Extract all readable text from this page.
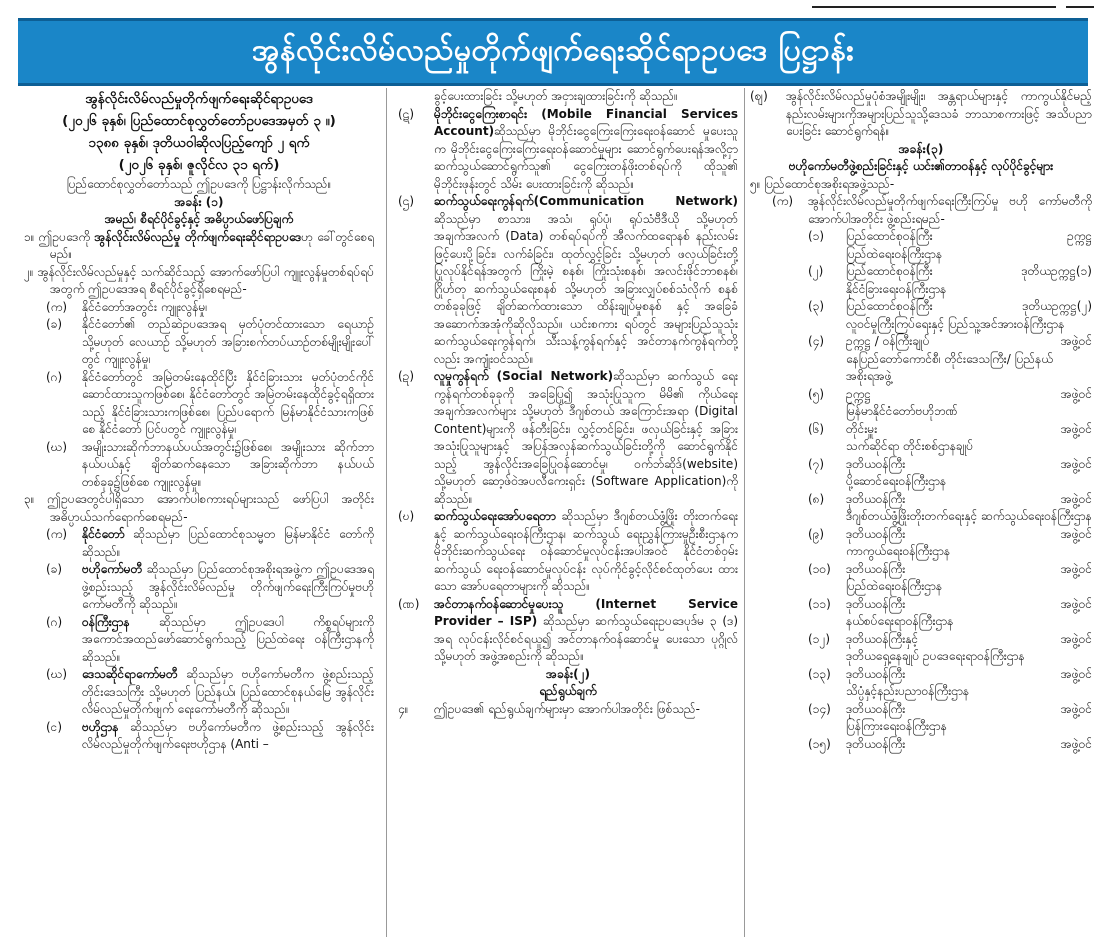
အွန်လိုင်းလိမ်လည်မှုတိုက်ဖျက်ရေးဆိုင်ရာဥပဒေ ပြဋ္ဌာန်း
အွန်လိုင်းလိမ်လည်မှုတိုက်ဖျက်ရေးဆိုင်ရာဥပဒေ
(၂၀၂၆ ခုနှစ်၊ ပြည်ထောင်စုလွှတ်တော်ဥပဒေအမှတ် ၃ ။)
၁၃၈၈ ခုနှစ်၊ ဒုတိယဝါဆိုလပြည့်ကျော် ၂ ရက်
(၂၀၂၆ ခုနှစ်၊ ဇူလိုင်လ ၃၁ ရက်)
ပြည်ထောင်စုလွှတ်တော်သည် ဤဥပဒေကို ပြဋ္ဌာန်းလိုက်သည်။
အခန်း (၁)
အမည်၊ စီရင်ပိုင်ခွင့်နှင့် အဓိပ္ပာယ်ဖော်ပြချက်

၁။ ဤဥပဒေကို အွန်လိုင်းလိမ်လည်မှု တိုက်ဖျက်ရေးဆိုင်ရာဥပဒေဟု ခေါ်တွင်စေရမည်။

၂။ အွန်လိုင်းလိမ်လည်မှုနှင့် သက်ဆိုင်သည့် အောက်ဖော်ပြပါ ကျူးလွန်မှုတစ်ရပ်ရပ်အတွက် ဤဥပဒေအရ စီရင်ပိုင်ခွင့်ရှိစေရမည်-

(က)	နိုင်ငံတော်အတွင်း ကျူးလွန်မှု၊
(ခ)	နိုင်ငံတော်၏ တည်ဆဲဥပဒေအရ မှတ်ပုံတင်ထားသော ရေယာဉ် သို့မဟုတ် လေယာဉ် သို့မဟုတ် အခြားစက်တပ်ယာဉ်တစ်မျိုးမျိုးပေါ်တွင် ကျူးလွန်မှု၊
(ဂ)	နိုင်ငံတော်တွင် အမြဲတမ်းနေထိုင်ပြီး နိုင်ငံခြားသား မှတ်ပုံတင်ကိုင်ဆောင်ထားသူကဖြစ်စေ၊ နိုင်ငံတော်တွင် အမြဲတမ်းနေထိုင်ခွင့်ရရှိထားသည့် နိုင်ငံခြားသားကဖြစ်စေ၊ ပြည်ပရောက် မြန်မာနိုင်ငံသားကဖြစ်စေ နိုင်ငံတော် ပြင်ပတွင် ကျူးလွန်မှု၊
(ဃ)	အမျိုးသားဆိုက်ဘာနယ်ပယ်အတွင်း၌ဖြစ်စေ၊ အမျိုးသား ဆိုက်ဘာနယ်ပယ်နှင့် ချိတ်ဆက်နေသော အခြားဆိုက်ဘာ နယ်ပယ်တစ်ခုခု၌ဖြစ်စေ ကျူးလွန်မှု။

၃။ ဤဥပဒေတွင်ပါရှိသော အောက်ပါစကားရပ်များသည် ဖော်ပြပါ အတိုင်း အဓိပ္ပာယ်သက်ရောက်စေရမည်-

(က)	နိုင်ငံတော် ဆိုသည်မှာ ပြည်ထောင်စုသမ္မတ မြန်မာနိုင်ငံ တော်ကို ဆိုသည်။
(ခ)	ဗဟိုကော်မတီ ဆိုသည်မှာ ပြည်ထောင်စုအစိုးရအဖွဲ့က ဤဥပဒေအရ ဖွဲ့စည်းသည့် အွန်လိုင်းလိမ်လည်မှု တိုက်ဖျက်ရေးကြီးကြပ်မှုဗဟိုကော်မတီကို ဆိုသည်။
(ဂ)	ဝန်ကြီးဌာန ဆိုသည်မှာ ဤဥပဒေပါ ကိစ္စရပ်များကို အကောင်အထည်ဖော်ဆောင်ရွက်သည့် ပြည်ထဲရေး ဝန်ကြီးဌာနကို ဆိုသည်။
(ဃ)	ဒေသဆိုင်ရာကော်မတီ ဆိုသည်မှာ ဗဟိုကော်မတီက ဖွဲ့စည်းသည့် တိုင်းဒေသကြီး သို့မဟုတ် ပြည်နယ်၊ ပြည်ထောင်စုနယ်မြေ အွန်လိုင်းလိမ်လည်မှုတိုက်ဖျက် ရေးကော်မတီကို ဆိုသည်။
(င)	ဗဟိုဌာန ဆိုသည်မှာ ဗဟိုကော်မတီက ဖွဲ့စည်းသည့် အွန်လိုင်းလိမ်လည်မှုတိုက်ဖျက်ရေးဗဟိုဌာန (Anti –

ခွင့်ပေးထားခြင်း သို့မဟုတ် အငှားချထားခြင်းကို ဆိုသည်။

(ဋ)	မိုဘိုင်းငွေကြေးစာရင်း (Mobile Financial Services Account)ဆိုသည်မှာ မိုဘိုင်းငွေကြေးကြေးရေးဝန်ဆောင် မှုပေးသူက မိုဘိုင်းငွေကြေးကြေးရေးဝန်ဆောင်မှုများ ဆောင်ရွက်ပေးရန်အလို့ငှာ ဆက်သွယ်ဆောင်ရွက်သူ၏ ငွေကြေးတန်ဖိုးတစ်ရပ်ကို ထိုသူ၏ မိုဘိုင်းဖုန်းတွင် သိမ်း ပေးထားခြင်းကို ဆိုသည်။
(ဌ)	ဆက်သွယ်ရေးကွန်ရက်(Communication Network) ဆိုသည်မှာ စာသား၊ အသံ၊ ရုပ်ပုံ၊ ရုပ်သံဗီဒီယို သို့မဟုတ် အချက်အလက် (Data) တစ်ရပ်ရပ်ကို အီလက်ထရောနစ် နည်းလမ်းဖြင့်ပေးပို့ခြင်း၊ လက်ခံခြင်း၊ ထုတ်လွှင့်ခြင်း သို့မဟုတ် ဖလှယ်ခြင်းတို့ပြုလုပ်နိုင်ရန်အတွက် ကြိုးမဲ့ စနစ်၊ ကြိုးသုံးစနစ်၊ အလင်းဖိုင်ဘာစနစ်၊ ဂြိုဟ်တု ဆက်သွယ်ရေးစနစ် သို့မဟုတ် အခြားလျှပ်စစ်သံလိုက် စနစ်တစ်ခုခုဖြင့် ချိတ်ဆက်ထားသော ထိန်းချုပ်မှုစနစ် နှင့် အခြေခံအဆောက်အအုံကိုဆိုလိုသည်။ ယင်းစကား ရပ်တွင် အများပြည်သူသုံး ဆက်သွယ်ရေးကွန်ရက်၊ သီးသန့်ကွန်ရက်နှင့် အင်တာနက်ကွန်ရက်တို့လည်း အကျုံးဝင်သည်။
(ဍ)	လူမှုကွန်ရက် (Social Network)ဆိုသည်မှာ ဆက်သွယ် ရေးကွန်ရက်တစ်ခုခုကို အခြေပြု၍ အသုံးပြုသူက မိမိ၏ ကိုယ်ရေးအချက်အလက်များ သို့မဟုတ် ဒီဂျစ်တယ် အကြောင်းအရာ (Digital Content)များကို ဖန်တီးခြင်း၊ လွှင့်တင်ခြင်း၊ ဖလှယ်ခြင်းနှင့် အခြားအသုံးပြုသူများနှင့် အပြန်အလှန်ဆက်သွယ်ခြင်းတို့ကို ဆောင်ရွက်နိုင်သည့် အွန်လိုင်းအခြေပြုဝန်ဆောင်မှု၊ ဝက်ဘ်ဆိုဒ်(website) သို့မဟုတ် ဆော့ဖ်ဝဲအပလီကေးရှင်း (Software Application)ကို ဆိုသည်။
(ဎ)	ဆက်သွယ်ရေးအော်ပရေတာ ဆိုသည်မှာ ဒီဂျစ်တယ်ဖွံ့ဖြိုး တိုးတက်ရေးနှင့် ဆက်သွယ်ရေးဝန်ကြီးဌာန၊ ဆက်သွယ် ရေးညွှန်ကြားမှုဦးစီးဌာနက မိုဘိုင်းဆက်သွယ်ရေး ဝန်ဆောင်မှုလုပ်ငန်းအပါအဝင် နိုင်ငံတစ်ဝှမ်း ဆက်သွယ် ရေးဝန်ဆောင်မှုလုပ်ငန်း လုပ်ကိုင်ခွင့်လိုင်စင်ထုတ်ပေး ထားသော အော်ပရေတာများကို ဆိုသည်။
(ဏ)	အင်တာနက်ဝန်ဆောင်မှုပေးသူ (Internet Service Provider – ISP) ဆိုသည်မှာ ဆက်သွယ်ရေးဥပဒေပုဒ်မ ၃ (ဒ) အရ လုပ်ငန်းလိုင်စင်ရယူ၍ အင်တာနက်ဝန်ဆောင်မှု ပေးသော ပုဂ္ဂိုလ် သို့မဟုတ် အဖွဲ့အစည်းကို ဆိုသည်။
အခန်း(၂)
ရည်ရွယ်ချက်
၄။	ဤဥပဒေ၏ ရည်ရွယ်ချက်များမှာ အောက်ပါအတိုင်း ဖြစ်သည်-
(ဈ)	အွန်လိုင်းလိမ်လည်မှုပုံစံအမျိုးမျိုး၊ အန္တရာယ်များနှင့် ကာကွယ်နိုင်မည့်နည်းလမ်းများကိုအများပြည်သူသို့ဒေသခံ ဘာသာစကားဖြင့် အသိပညာပေးခြင်း ဆောင်ရွက်ရန်။
အခန်း(၃)
ဗဟိုကော်မတီဖွဲ့စည်းခြင်းနှင့် ယင်း၏တာဝန်နှင့် လုပ်ပိုင်ခွင့်များ

၅။ ပြည်ထောင်စုအစိုးရအဖွဲ့သည်-

(က)	အွန်လိုင်းလိမ်လည်မှုတိုက်ဖျက်ရေးကြီးကြပ်မှု ဗဟို ကော်မတီကို အောက်ပါအတိုင်း ဖွဲ့စည်းရမည်-
(၁)	ပြည်ထောင်စုဝန်ကြီး	ဥက္ကဋ္ဌ
ပြည်ထဲရေးဝန်ကြီးဌာန
(၂)	ပြည်ထောင်စုဝန်ကြီး	ဒုတိယဥက္ကဋ္ဌ(၁)
နိုင်ငံခြားရေးဝန်ကြီးဌာန
(၃)	ပြည်ထောင်စုဝန်ကြီး	ဒုတိယဥက္ကဋ္ဌ(၂)
လူဝင်မှုကြီးကြပ်ရေးနှင့် ပြည်သူ့အင်အားဝန်ကြီးဌာန
(၄)	ဥက္ကဋ္ဌ / ဝန်ကြီးချုပ်	အဖွဲ့ဝင်
နေပြည်တော်ကောင်စီ၊ တိုင်းဒေသကြီး/ ပြည်နယ်အစိုးရအဖွဲ့
(၅)	ဥက္ကဋ္ဌ	အဖွဲ့ဝင်
မြန်မာနိုင်ငံတော်ဗဟိုဘဏ်
(၆)	တိုင်းမှူး	အဖွဲ့ဝင်
သက်ဆိုင်ရာ တိုင်းစစ်ဌာနချုပ်
(၇)	ဒုတိယဝန်ကြီး	အဖွဲ့ဝင်
ပို့ဆောင်ရေးဝန်ကြီးဌာန
(၈)	ဒုတိယဝန်ကြီး	အဖွဲ့ဝင်
ဒီဂျစ်တယ်ဖွံ့ဖြိုးတိုးတက်ရေးနှင့် ဆက်သွယ်ရေးဝန်ကြီးဌာန
(၉)	ဒုတိယဝန်ကြီး	အဖွဲ့ဝင်
ကာကွယ်ရေးဝန်ကြီးဌာန
(၁၀)	ဒုတိယဝန်ကြီး	အဖွဲ့ဝင်
ပြည်ထဲရေးဝန်ကြီးဌာန
(၁၁)	ဒုတိယဝန်ကြီး	အဖွဲ့ဝင်
နယ်စပ်ရေးရာဝန်ကြီးဌာန
(၁၂)	ဒုတိယဝန်ကြီးနှင့်	အဖွဲ့ဝင်
ဒုတိယရှေ့နေချုပ် ဥပဒေရေးရာဝန်ကြီးဌာန
(၁၃)	ဒုတိယဝန်ကြီး	အဖွဲ့ဝင်
သိပ္ပံနှင့်နည်းပညာဝန်ကြီးဌာန
(၁၄)	ဒုတိယဝန်ကြီး	အဖွဲ့ဝင်
ပြန်ကြားရေးဝန်ကြီးဌာန
(၁၅)	ဒုတိယဝန်ကြီး	အဖွဲ့ဝင်
